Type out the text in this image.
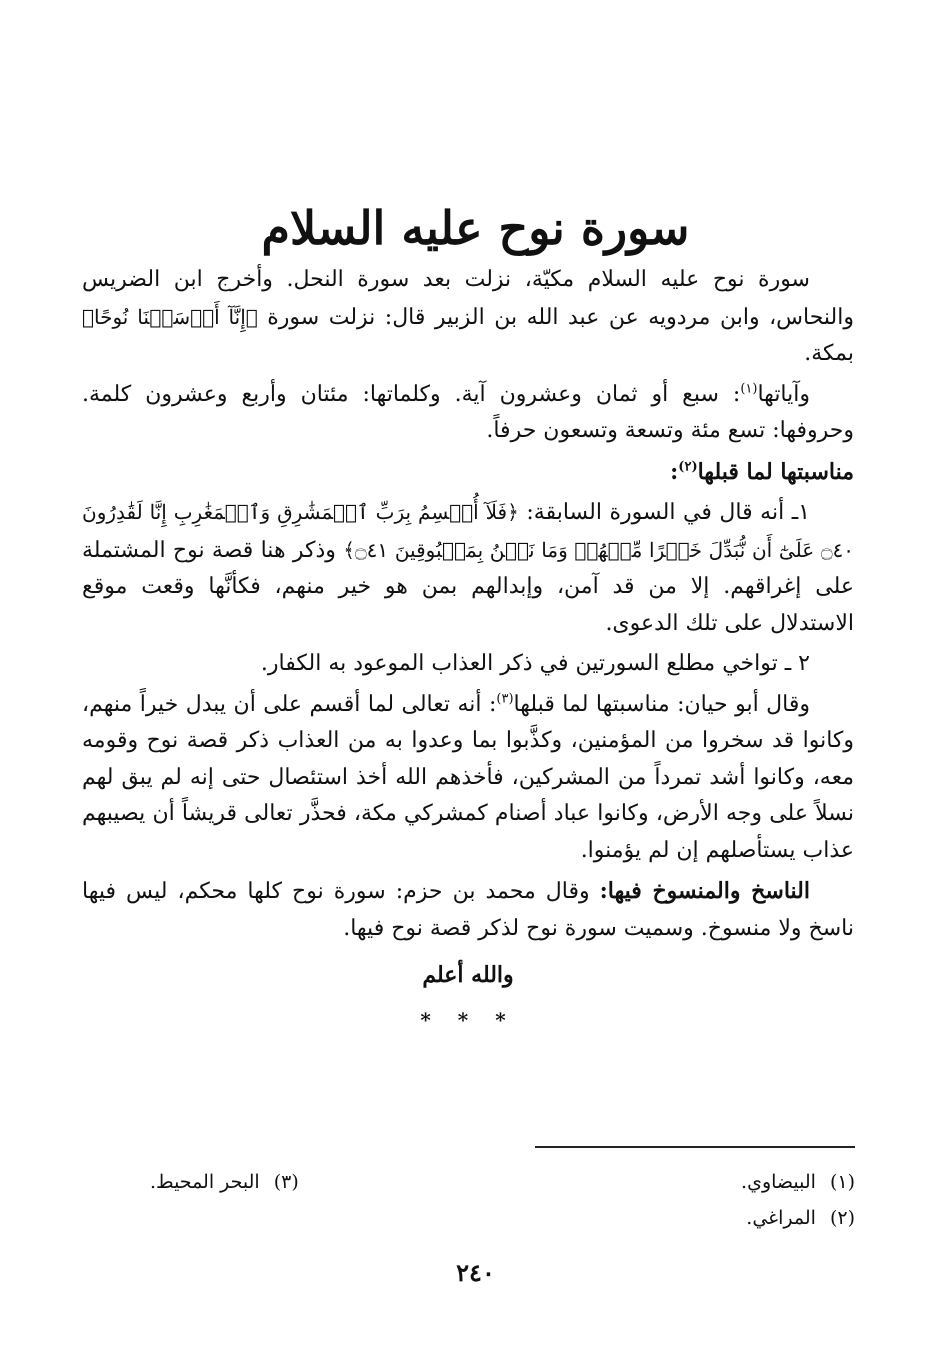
سورة نوح عليه السلام

سورة نوح عليه السلام مكيّة، نزلت بعد سورة النحل. وأخرج ابن الضريس والنحاس، وابن مردويه عن عبد الله بن الزبير قال: نزلت سورة ﴿إِنَّآ أَرۡسَلۡنَا نُوحًا﴾ بمكة.

وآياتها$^{(١)}$: سبع أو ثمان وعشرون آية. وكلماتها: مئتان وأربع وعشرون كلمة. وحروفها: تسع مئة وتسعة وتسعون حرفاً.

مناسبتها لما قبلها$^{(٢)}$:

١ـ أنه قال في السورة السابقة: ﴿فَلَآ أُقۡسِمُ بِرَبِّ ٱلۡمَشَٰرِقِ وَٱلۡمَغَٰرِبِ إِنَّا لَقَٰدِرُونَ ۝٤٠ عَلَىٰٓ أَن نُّبَدِّلَ خَيۡرًا مِّنۡهُمۡ وَمَا نَحۡنُ بِمَسۡبُوقِينَ ۝٤١﴾ وذكر هنا قصة نوح المشتملة على إغراقهم. إلا من قد آمن، وإبدالهم بمن هو خير منهم، فكأنَّها وقعت موقع الاستدلال على تلك الدعوى.

٢ ـ تواخي مطلع السورتين في ذكر العذاب الموعود به الكفار.

وقال أبو حيان: مناسبتها لما قبلها$^{(٣)}$: أنه تعالى لما أقسم على أن يبدل خيراً منهم، وكانوا قد سخروا من المؤمنين، وكذَّبوا بما وعدوا به من العذاب ذكر قصة نوح وقومه معه، وكانوا أشد تمرداً من المشركين، فأخذهم الله أخذ استئصال حتى إنه لم يبق لهم نسلاً على وجه الأرض، وكانوا عباد أصنام كمشركي مكة، فحذَّر تعالى قريشاً أن يصيبهم عذاب يستأصلهم إن لم يؤمنوا.

الناسخ والمنسوخ فيها: وقال محمد بن حزم: سورة نوح كلها محكم، ليس فيها ناسخ ولا منسوخ. وسميت سورة نوح لذكر قصة نوح فيها.

والله أعلم

* * *

(١)
البيضاوي.
(٢)
المراغي.
(٣)
البحر المحيط.
٢٤٠
